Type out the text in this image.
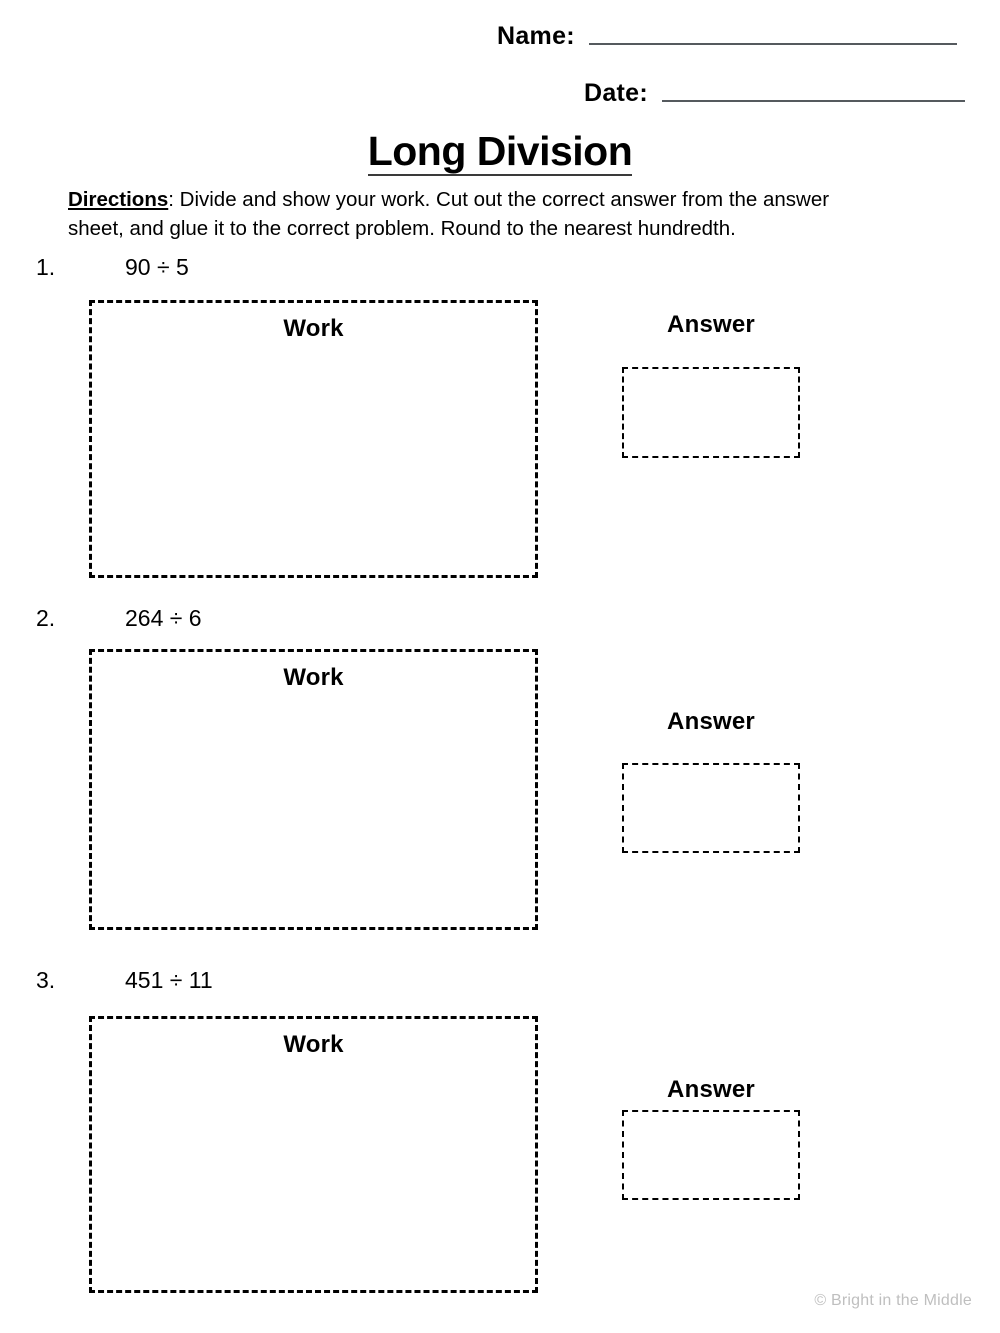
Name:
Date:
Long Division
Directions: Divide and show your work. Cut out the correct answer from the answer sheet, and glue it to the correct problem. Round to the nearest hundredth.
1.	90 ÷ 5
Work	Answer
2.	264 ÷ 6
Work
Answer
3.	451 ÷ 11
Work
Answer
© Bright in the Middle
